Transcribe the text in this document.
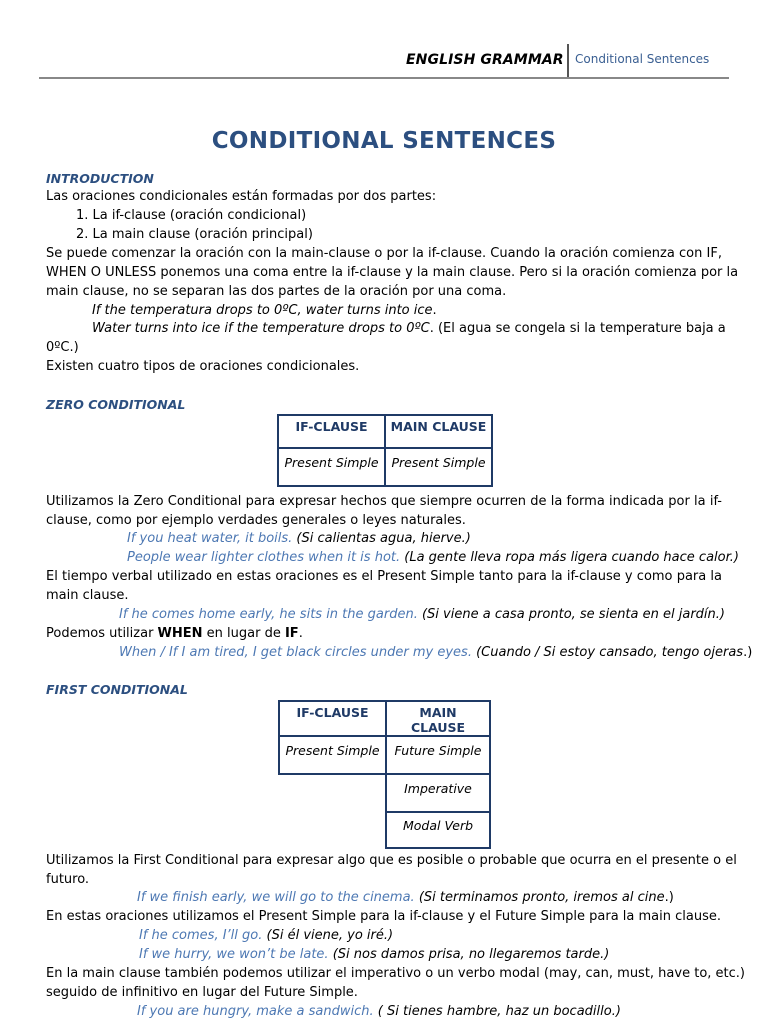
ENGLISH GRAMMAR Conditional Sentences
CONDITIONAL SENTENCES
INTRODUCTION
Las oraciones condicionales están formadas por dos partes:
1. La if-clause (oración condicional)
2. La main clause (oración principal)
Se puede comenzar la oración con la main-clause o por la if-clause. Cuando la oración comienza con IF,
WHEN O UNLESS ponemos una coma entre la if-clause y la main clause. Pero si la oración comienza por la
main clause, no se separan las dos partes de la oración por una coma.
If the temperatura drops to 0ºC, water turns into ice.
Water turns into ice if the temperature drops to 0ºC. (El agua se congela si la temperature baja a
0ºC.)
Existen cuatro tipos de oraciones condicionales.
ZERO CONDITIONAL
IF-CLAUSE	MAIN CLAUSE
Present Simple	Present Simple
Utilizamos la Zero Conditional para expresar hechos que siempre ocurren de la forma indicada por la if-
clause, como por ejemplo verdades generales o leyes naturales.
If you heat water, it boils. (Si calientas agua, hierve.)
People wear lighter clothes when it is hot. (La gente lleva ropa más ligera cuando hace calor.)
El tiempo verbal utilizado en estas oraciones es el Present Simple tanto para la if-clause y como para la
main clause.
If he comes home early, he sits in the garden. (Si viene a casa pronto, se sienta en el jardín.)
Podemos utilizar WHEN en lugar de IF.
When / If I am tired, I get black circles under my eyes. (Cuando / Si estoy cansado, tengo ojeras.)
FIRST CONDITIONAL
IF-CLAUSE	MAIN CLAUSE
Present Simple	Future Simple
	Imperative
	Modal Verb
Utilizamos la First Conditional para expresar algo que es posible o probable que ocurra en el presente o el
futuro.
If we finish early, we will go to the cinema. (Si terminamos pronto, iremos al cine.)
En estas oraciones utilizamos el Present Simple para la if-clause y el Future Simple para la main clause.
If he comes, I’ll go. (Si él viene, yo iré.)
If we hurry, we won’t be late. (Si nos damos prisa, no llegaremos tarde.)
En la main clause también podemos utilizar el imperativo o un verbo modal (may, can, must, have to, etc.)
seguido de infinitivo en lugar del Future Simple.
If you are hungry, make a sandwich. ( Si tienes hambre, haz un bocadillo.)
